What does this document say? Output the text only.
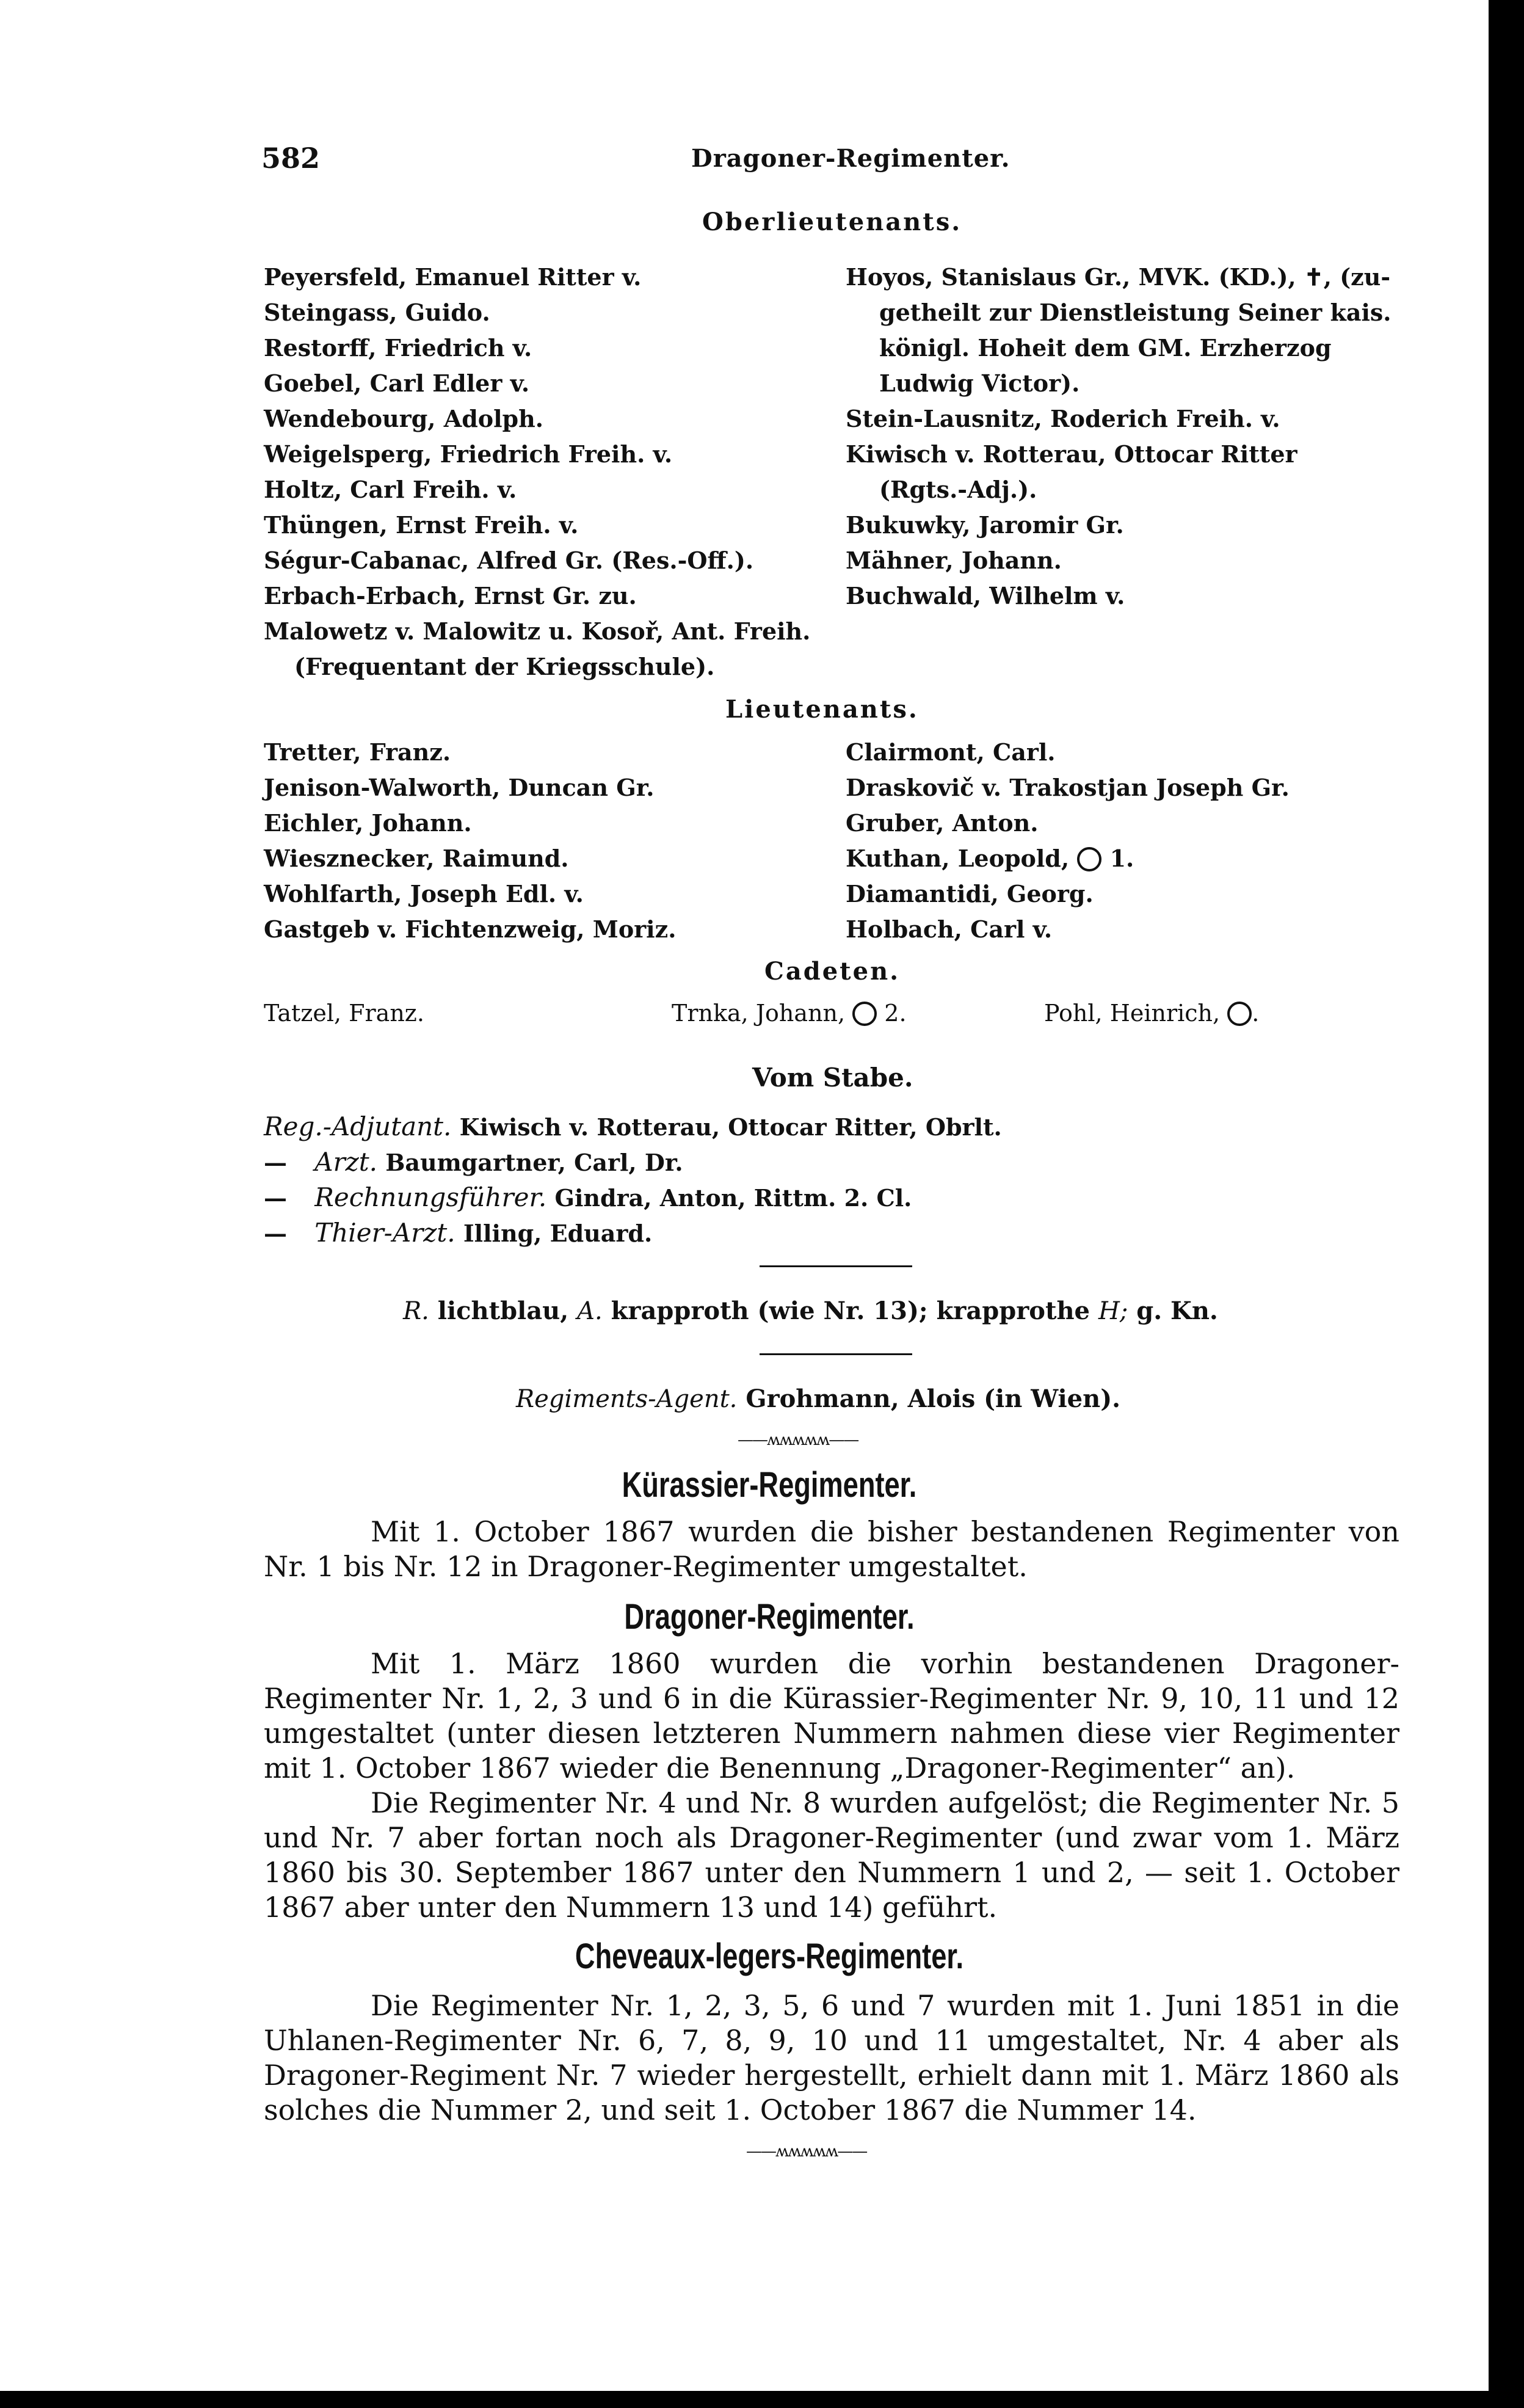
582	Dragoner-Regimenter.
Oberlieutenants.
Peyersfeld, Emanuel Ritter v.
Steingass, Guido.
Restorff, Friedrich v.
Goebel, Carl Edler v.
Wendebourg, Adolph.
Weigelsperg, Friedrich Freih. v.
Holtz, Carl Freih. v.
Thüngen, Ernst Freih. v.
Ségur-Cabanac, Alfred Gr. (Res.-Off.).
Erbach-Erbach, Ernst Gr. zu.
Malowetz v. Malowitz u. Kosoř, Ant. Freih.
(Frequentant der Kriegsschule).
Hoyos, Stanislaus Gr., MVK. (KD.), ✝, (zu-
getheilt zur Dienstleistung Seiner kais.
königl. Hoheit dem GM. Erzherzog
Ludwig Victor).
Stein-Lausnitz, Roderich Freih. v.
Kiwisch v. Rotterau, Ottocar Ritter
(Rgts.-Adj.).
Bukuwky, Jaromir Gr.
Mähner, Johann.
Buchwald, Wilhelm v.
Lieutenants.
Tretter, Franz.
Jenison-Walworth, Duncan Gr.
Eichler, Johann.
Wiesznecker, Raimund.
Wohlfarth, Joseph Edl. v.
Gastgeb v. Fichtenzweig, Moriz.
Clairmont, Carl.
Draskovič v. Trakostjan Joseph Gr.
Gruber, Anton.
Kuthan, Leopold, 1.
Diamantidi, Georg.
Holbach, Carl v.
Cadeten.
Tatzel, Franz.	Trnka, Johann, 2.	Pohl, Heinrich, .
Vom Stabe.
Reg.-Adjutant. Kiwisch v. Rotterau, Ottocar Ritter, Obrlt.
— Arzt. Baumgartner, Carl, Dr.
— Rechnungsführer. Gindra, Anton, Rittm. 2. Cl.
— Thier-Arzt. Illing, Eduard.
R. lichtblau, A. krapproth (wie Nr. 13); krapprothe H; g. Kn.
Regiments-Agent. Grohmann, Alois (in Wien).
——ʍʍʍʍʍ——
Kürassier-Regimenter.

Mit 1. October 1867 wurden die bisher bestandenen Regimenter von Nr. 1 bis Nr. 12 in Dragoner-Regimenter umgestaltet.

Dragoner-Regimenter.

Mit 1. März 1860 wurden die vorhin bestandenen Dragoner-Regimenter Nr. 1, 2, 3 und 6 in die Kürassier-Regimenter Nr. 9, 10, 11 und 12 umgestaltet (unter diesen letzteren Nummern nahmen diese vier Regimenter mit 1. October 1867 wieder die Benennung „Dragoner-Regimenter“ an).

Die Regimenter Nr. 4 und Nr. 8 wurden aufgelöst; die Regimenter Nr. 5 und Nr. 7 aber fortan noch als Dragoner-Regimenter (und zwar vom 1. März 1860 bis 30. September 1867 unter den Nummern 1 und 2, — seit 1. October 1867 aber unter den Nummern 13 und 14) geführt.

Cheveaux-legers-Regimenter.

Die Regimenter Nr. 1, 2, 3, 5, 6 und 7 wurden mit 1. Juni 1851 in die Uhlanen-Regimenter Nr. 6, 7, 8, 9, 10 und 11 umgestaltet, Nr. 4 aber als Dragoner-Regiment Nr. 7 wieder hergestellt, erhielt dann mit 1. März 1860 als solches die Nummer 2, und seit 1. October 1867 die Nummer 14.

——ʍʍʍʍʍ——
